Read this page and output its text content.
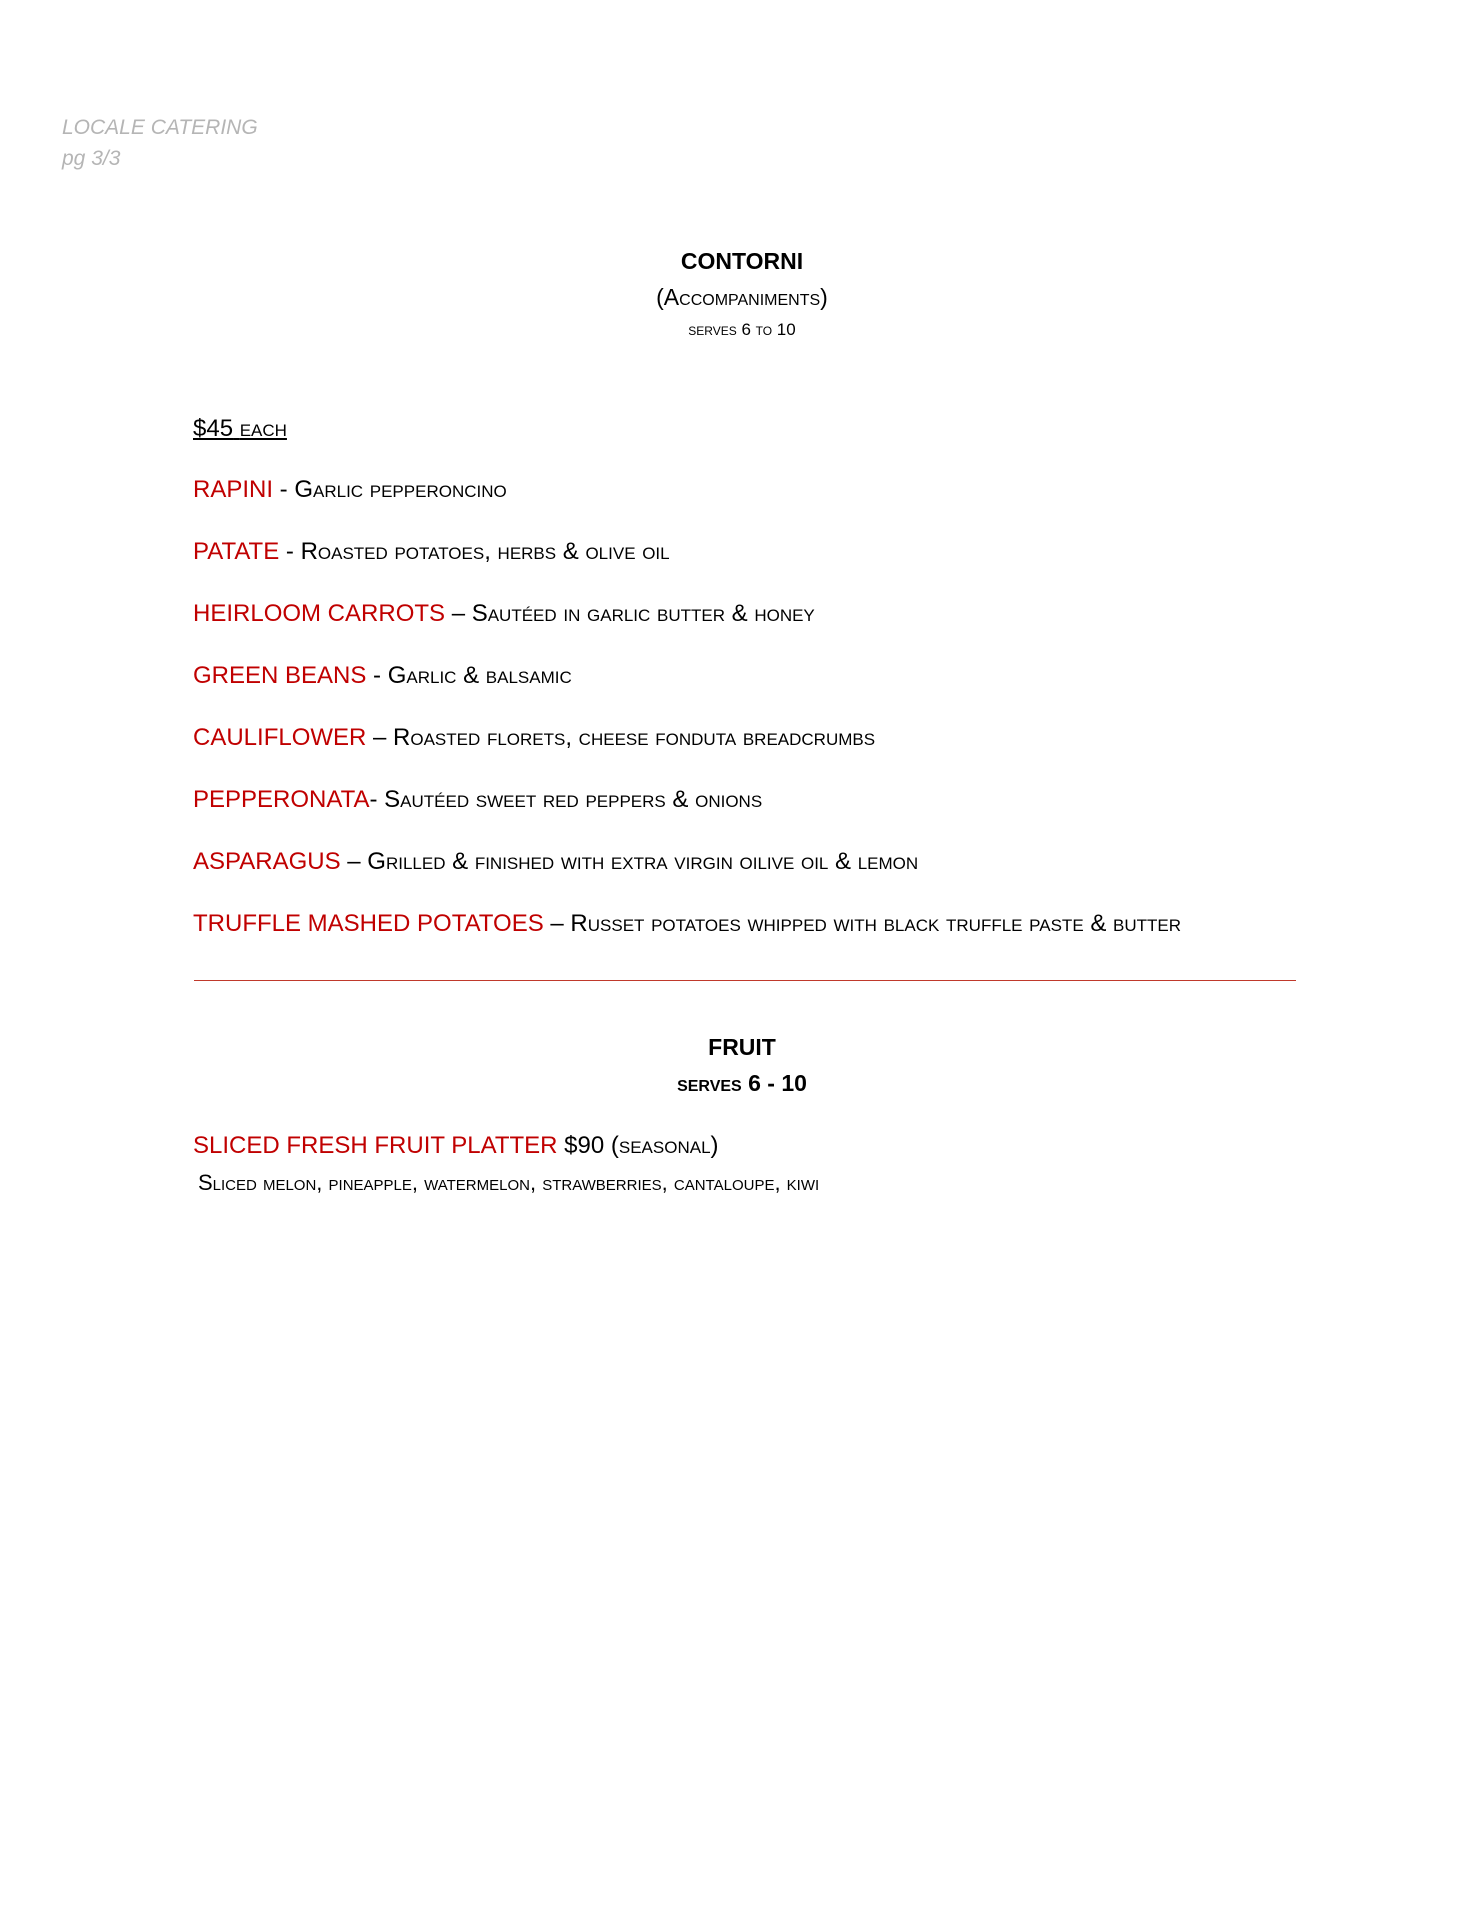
LOCALE CATERING
pg 3/3
CONTORNI
(Accompaniments)
serves 6 to 10
$45 each
RAPINI - Garlic pepperoncino
PATATE - Roasted potatoes, herbs & olive oil
HEIRLOOM CARROTS – Sautéed in garlic butter & honey
GREEN BEANS - Garlic & balsamic
CAULIFLOWER – Roasted florets, cheese fonduta breadcrumbs
PEPPERONATA- Sautéed sweet red peppers & onions
ASPARAGUS – Grilled & finished with extra virgin oilive oil & lemon
TRUFFLE MASHED POTATOES – Russet potatoes whipped with black truffle paste & butter
FRUIT
serves 6 - 10
SLICED FRESH FRUIT PLATTER $90 (seasonal)
Sliced melon, pineapple, watermelon, strawberries, cantaloupe, kiwi
